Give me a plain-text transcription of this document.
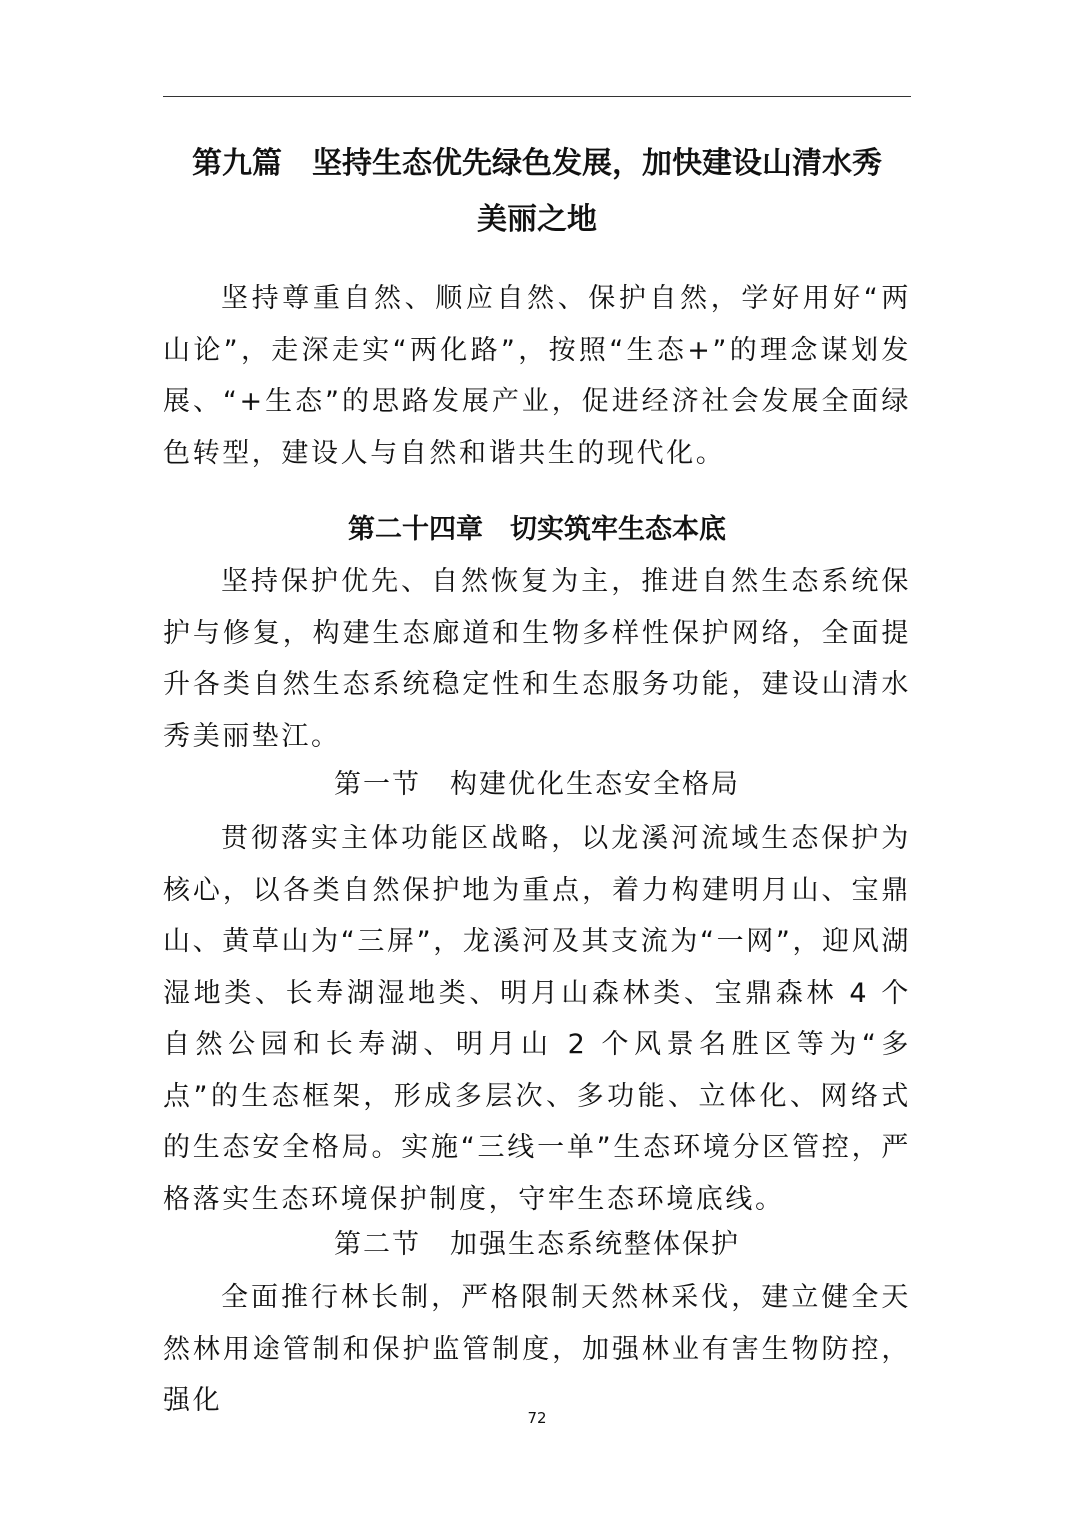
第九篇　坚持生态优先绿色发展，加快建设山清水秀
美丽之地

坚持尊重自然、顺应自然、保护自然，学好用好“两山论”，走深走实“两化路”，按照“生态+”的理念谋划发展、“+生态”的思路发展产业，促进经济社会发展全面绿色转型，建设人与自然和谐共生的现代化。

第二十四章　切实筑牢生态本底

坚持保护优先、自然恢复为主，推进自然生态系统保护与修复，构建生态廊道和生物多样性保护网络，全面提升各类自然生态系统稳定性和生态服务功能，建设山清水秀美丽垫江。

第一节　构建优化生态安全格局

贯彻落实主体功能区战略，以龙溪河流域生态保护为核心，以各类自然保护地为重点，着力构建明月山、宝鼎山、黄草山为“三屏”，龙溪河及其支流为“一网”，迎风湖湿地类、长寿湖湿地类、明月山森林类、宝鼎森林 4 个自然公园和长寿湖、明月山 2 个风景名胜区等为“多点”的生态框架，形成多层次、多功能、立体化、网络式的生态安全格局。实施“三线一单”生态环境分区管控，严格落实生态环境保护制度，守牢生态环境底线。

第二节　加强生态系统整体保护

全面推行林长制，严格限制天然林采伐，建立健全天然林用途管制和保护监管制度，加强林业有害生物防控，强化

72
